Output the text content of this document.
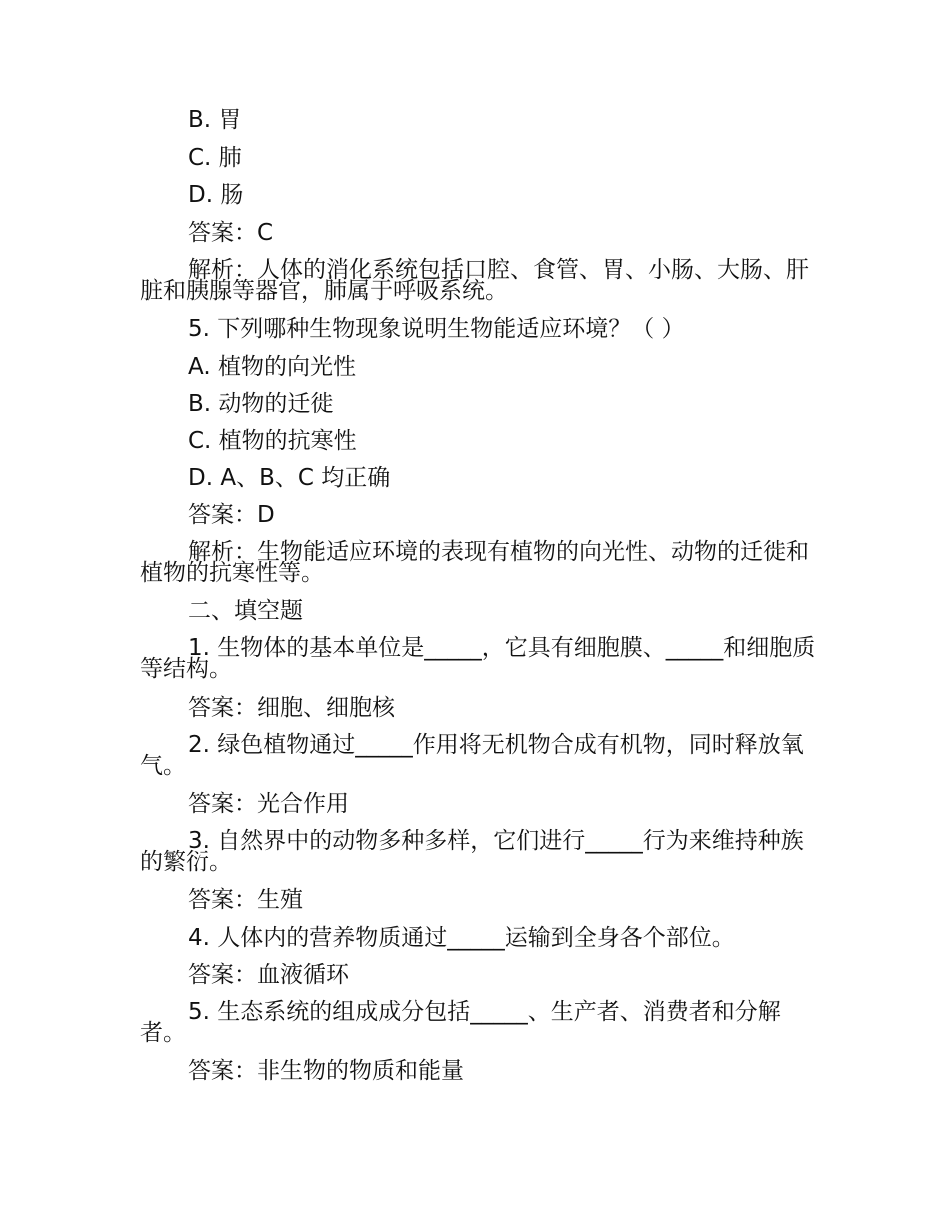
B. 胃
C. 肺
D. 肠
答案：C
解析：人体的消化系统包括口腔、食管、胃、小肠、大肠、肝脏和胰腺等器官，肺属于呼吸系统。
5. 下列哪种生物现象说明生物能适应环境？（ ）
A. 植物的向光性
B. 动物的迁徙
C. 植物的抗寒性
D. A、B、C 均正确
答案：D
解析：生物能适应环境的表现有植物的向光性、动物的迁徙和植物的抗寒性等。
二、填空题
1. 生物体的基本单位是_____，它具有细胞膜、_____和细胞质等结构。
答案：细胞、细胞核
2. 绿色植物通过_____作用将无机物合成有机物，同时释放氧气。
答案：光合作用
3. 自然界中的动物多种多样，它们进行_____行为来维持种族的繁衍。
答案：生殖
4. 人体内的营养物质通过_____运输到全身各个部位。
答案：血液循环
5. 生态系统的组成成分包括_____、生产者、消费者和分解者。
答案：非生物的物质和能量
